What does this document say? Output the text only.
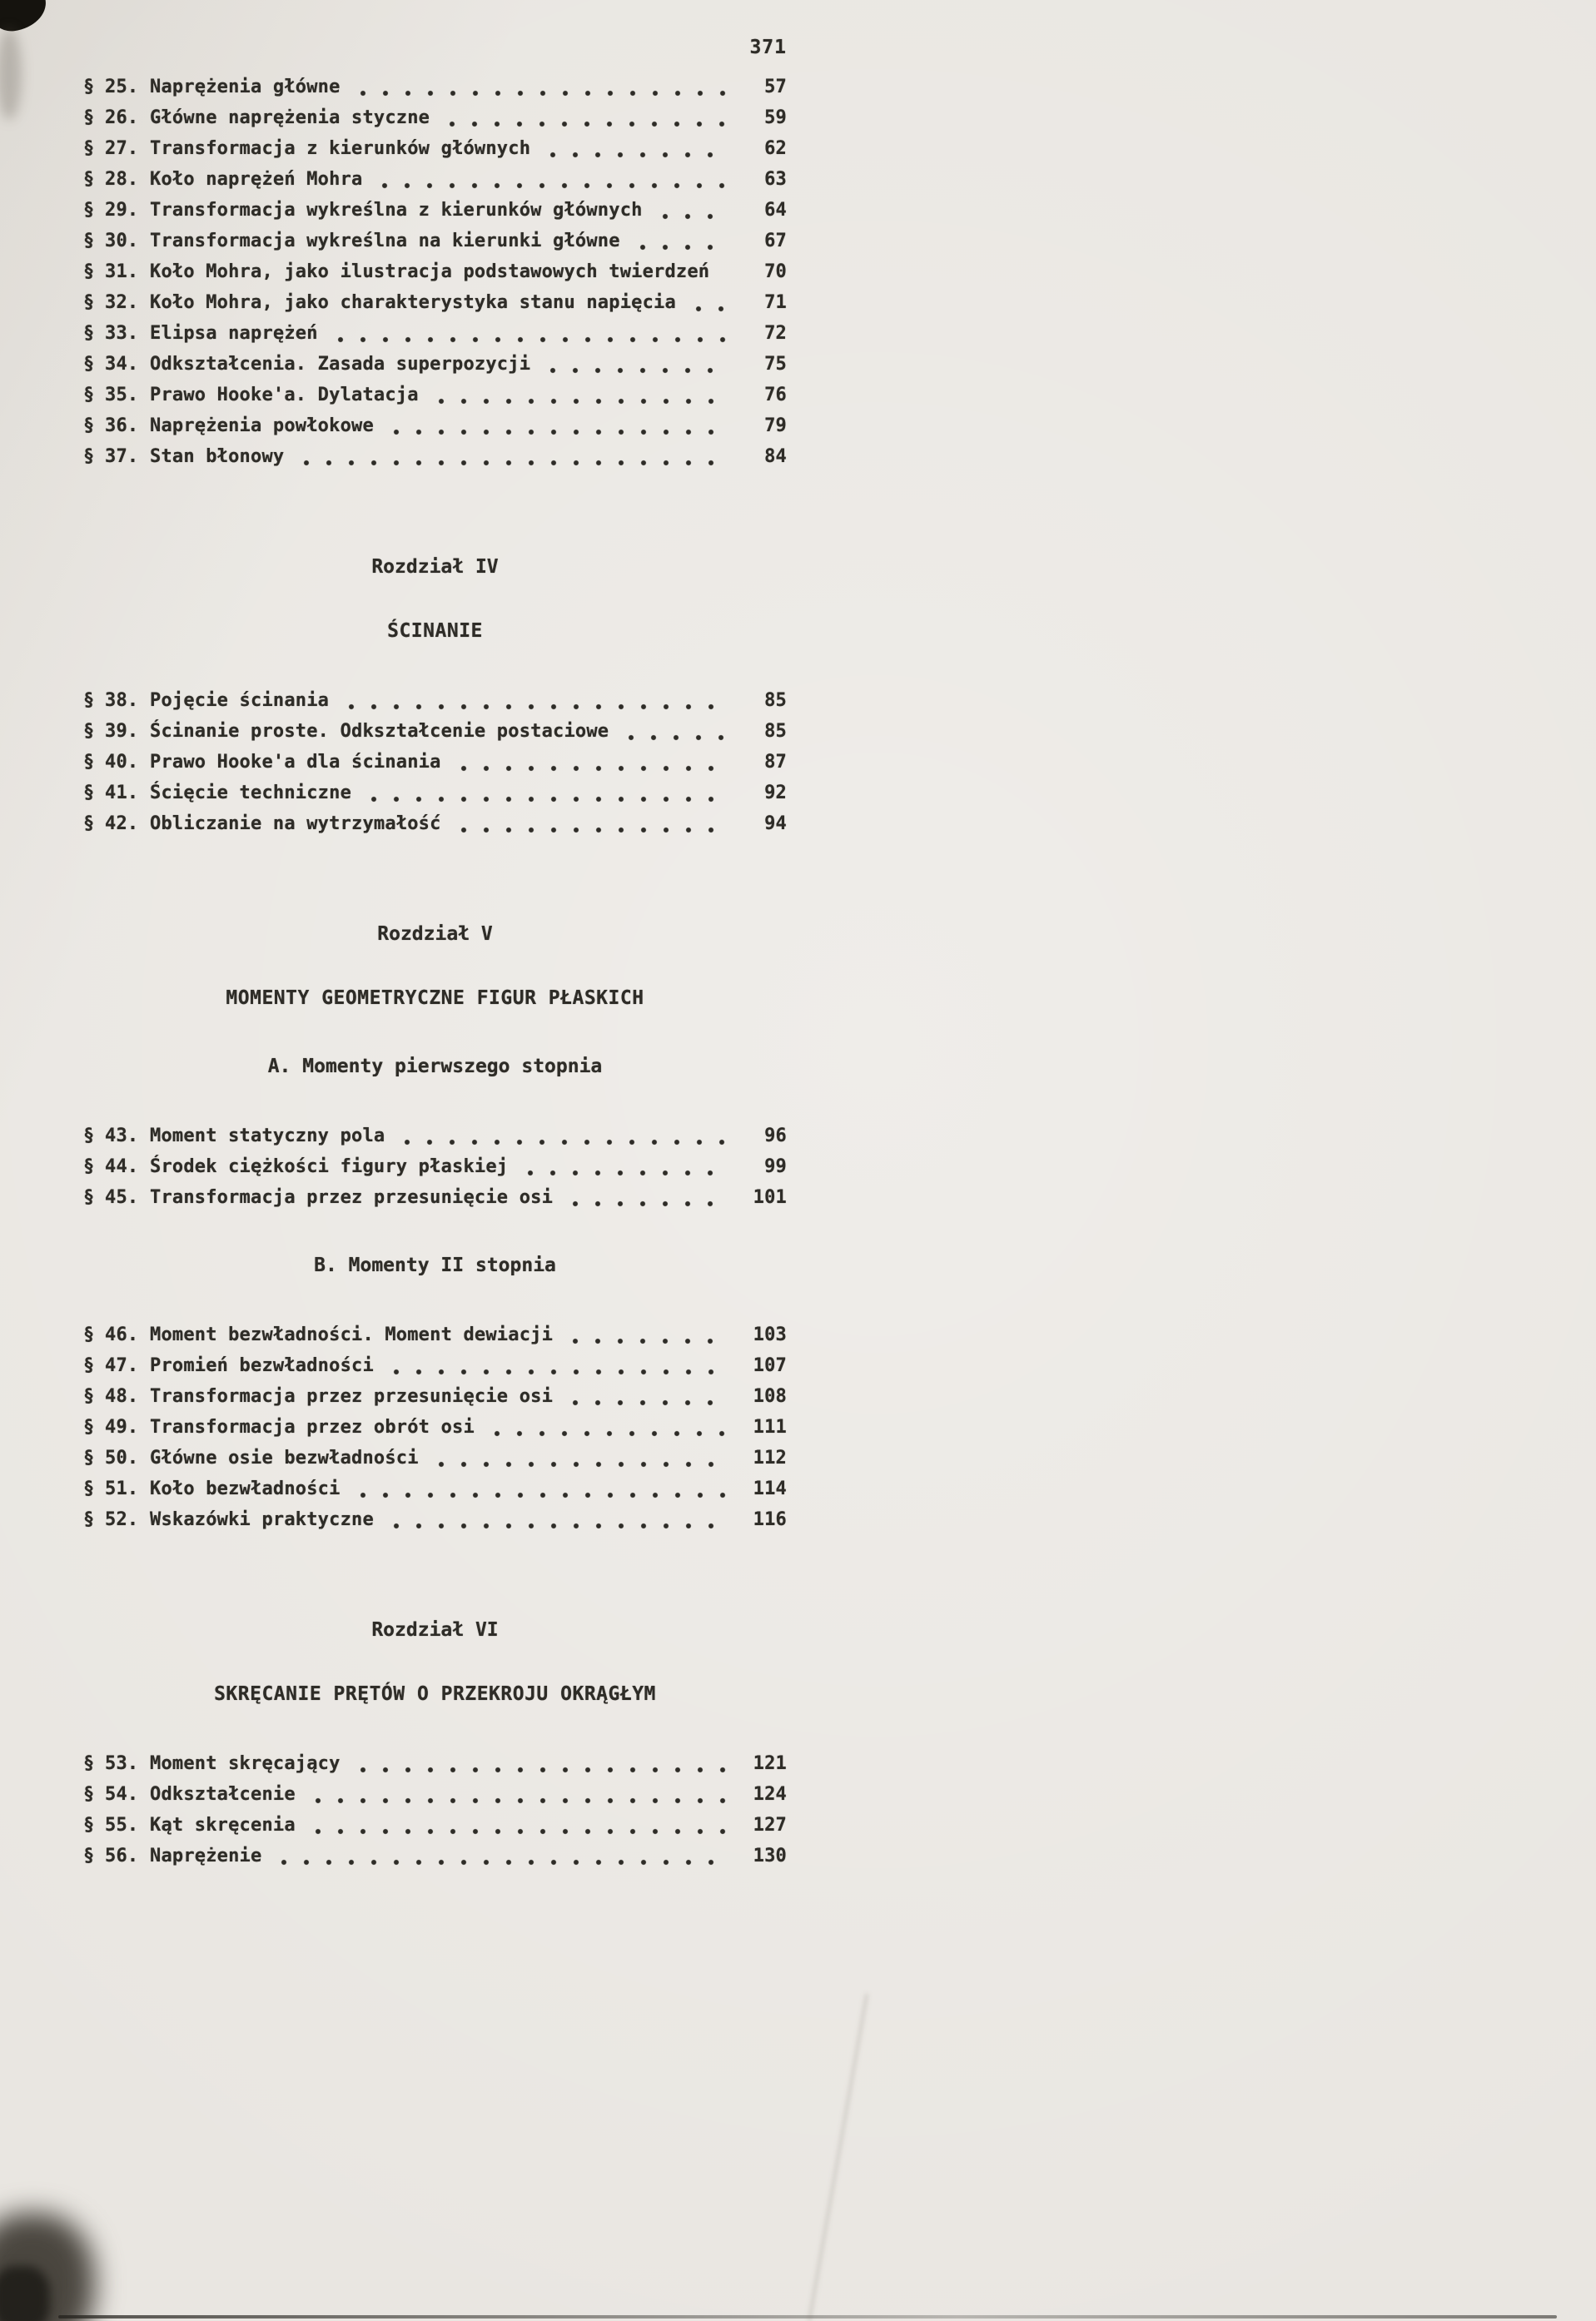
371
§ 25. Naprężenia główne	57
§ 26. Główne naprężenia styczne	59
§ 27. Transformacja z kierunków głównych	62
§ 28. Koło naprężeń Mohra	63
§ 29. Transformacja wykreślna z kierunków głównych	64
§ 30. Transformacja wykreślna na kierunki główne	67
§ 31. Koło Mohra, jako ilustracja podstawowych twierdzeń	70
§ 32. Koło Mohra, jako charakterystyka stanu napięcia	71
§ 33. Elipsa naprężeń	72
§ 34. Odkształcenia. Zasada superpozycji	75
§ 35. Prawo Hooke'a. Dylatacja	76
§ 36. Naprężenia powłokowe	79
§ 37. Stan błonowy	84
Rozdział IV
ŚCINANIE
§ 38. Pojęcie ścinania	85
§ 39. Ścinanie proste. Odkształcenie postaciowe	85
§ 40. Prawo Hooke'a dla ścinania	87
§ 41. Ścięcie techniczne	92
§ 42. Obliczanie na wytrzymałość	94
Rozdział V
MOMENTY GEOMETRYCZNE FIGUR PŁASKICH
A. Momenty pierwszego stopnia
§ 43. Moment statyczny pola	96
§ 44. Środek ciężkości figury płaskiej	99
§ 45. Transformacja przez przesunięcie osi	101
B. Momenty II stopnia
§ 46. Moment bezwładności. Moment dewiacji	103
§ 47. Promień bezwładności	107
§ 48. Transformacja przez przesunięcie osi	108
§ 49. Transformacja przez obrót osi	111
§ 50. Główne osie bezwładności	112
§ 51. Koło bezwładności	114
§ 52. Wskazówki praktyczne	116
Rozdział VI
SKRĘCANIE PRĘTÓW O PRZEKROJU OKRĄGŁYM
§ 53. Moment skręcający	121
§ 54. Odkształcenie	124
§ 55. Kąt skręcenia	127
§ 56. Naprężenie	130
